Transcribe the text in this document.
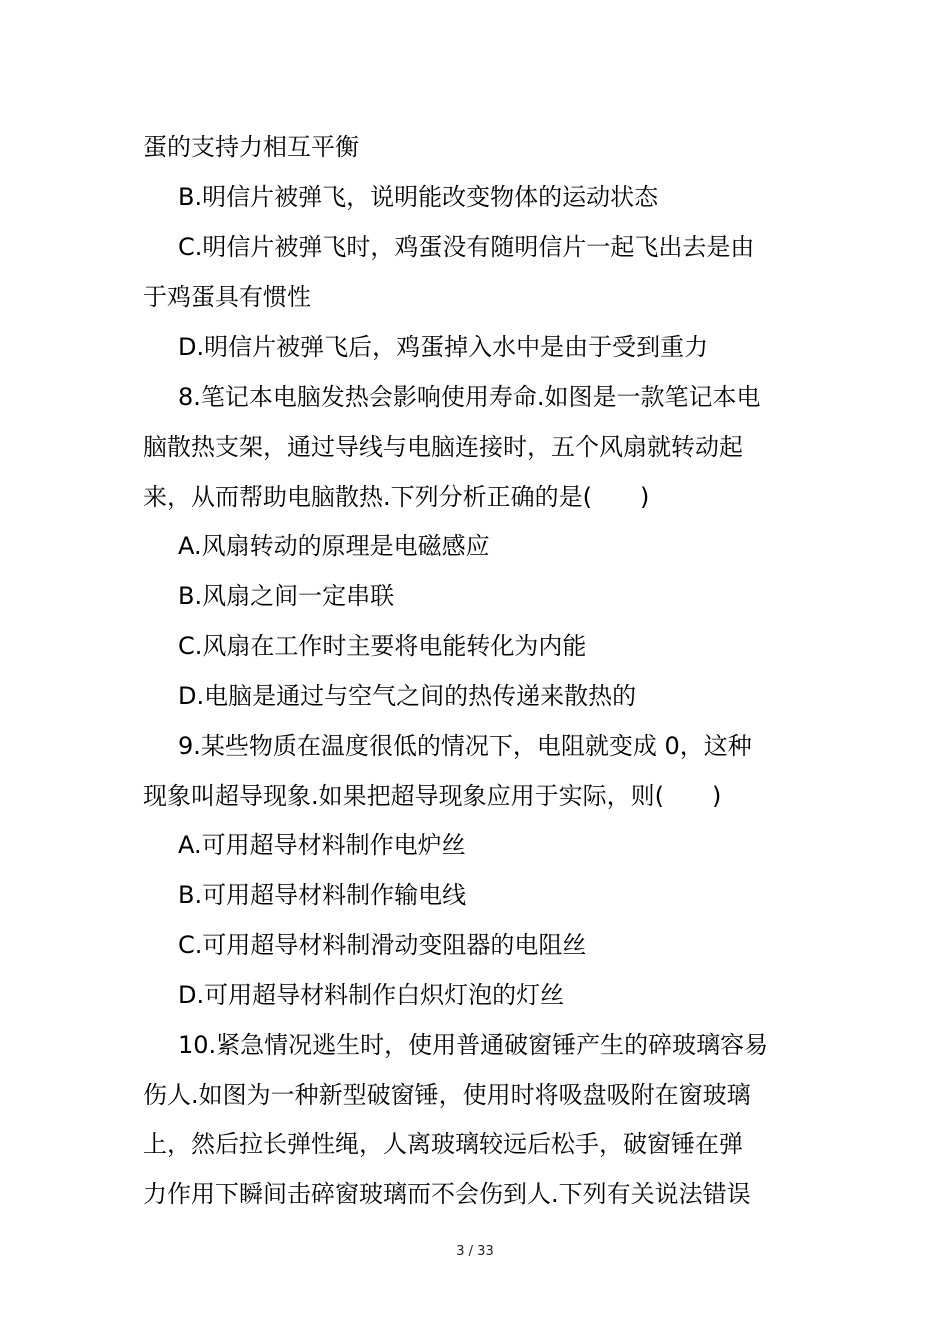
蛋的支持力相互平衡
B.明信片被弹飞，说明能改变物体的运动状态
C.明信片被弹飞时，鸡蛋没有随明信片一起飞出去是由
于鸡蛋具有惯性
D.明信片被弹飞后，鸡蛋掉入水中是由于受到重力
8.笔记本电脑发热会影响使用寿命.如图是一款笔记本电
脑散热支架，通过导线与电脑连接时，五个风扇就转动起
来，从而帮助电脑散热.下列分析正确的是(　　)
A.风扇转动的原理是电磁感应
B.风扇之间一定串联
C.风扇在工作时主要将电能转化为内能
D.电脑是通过与空气之间的热传递来散热的
9.某些物质在温度很低的情况下，电阻就变成 0，这种
现象叫超导现象.如果把超导现象应用于实际，则(　　)
A.可用超导材料制作电炉丝
B.可用超导材料制作输电线
C.可用超导材料制滑动变阻器的电阻丝
D.可用超导材料制作白炽灯泡的灯丝
10.紧急情况逃生时，使用普通破窗锤产生的碎玻璃容易
伤人.如图为一种新型破窗锤，使用时将吸盘吸附在窗玻璃
上，然后拉长弹性绳，人离玻璃较远后松手，破窗锤在弹
力作用下瞬间击碎窗玻璃而不会伤到人.下列有关说法错误
3 / 33
